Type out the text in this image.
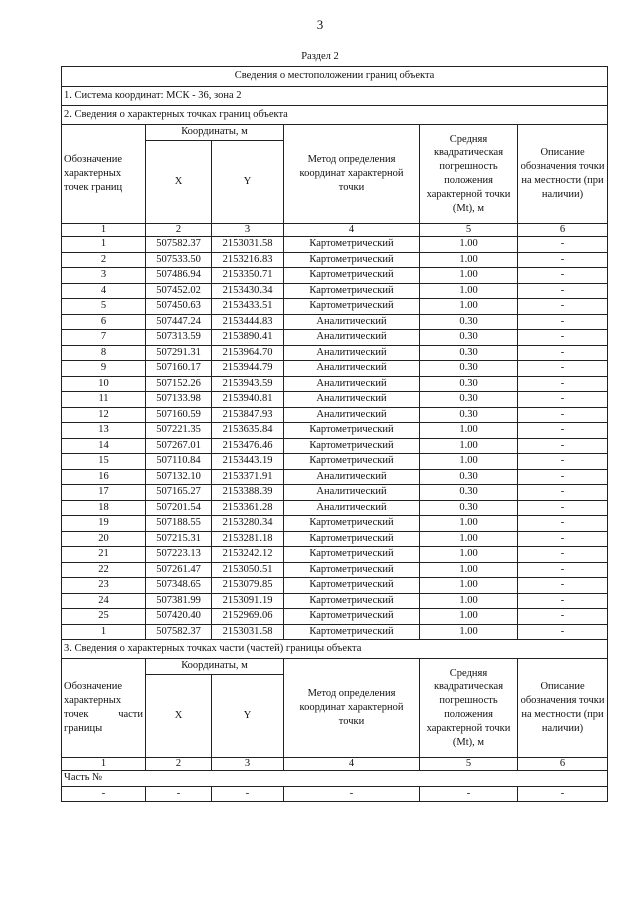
3
Раздел 2
Сведения о местоположении границ объекта					
1. Система координат: МСК - 36, зона 2					
2. Сведения о характерных точках границ объекта					
Обозначение характерных точек границ	Координаты, м		Метод определения координат характерной точки	Средняя квадратическая погрешность положения характерной точки (Mt), м	Описание обозначения точки на местности (при наличии)
	X	Y			
1	2	3	4	5	6
1	507582.37	2153031.58	Картометрический	1.00	-
2	507533.50	2153216.83	Картометрический	1.00	-
3	507486.94	2153350.71	Картометрический	1.00	-
4	507452.02	2153430.34	Картометрический	1.00	-
5	507450.63	2153433.51	Картометрический	1.00	-
6	507447.24	2153444.83	Аналитический	0.30	-
7	507313.59	2153890.41	Аналитический	0.30	-
8	507291.31	2153964.70	Аналитический	0.30	-
9	507160.17	2153944.79	Аналитический	0.30	-
10	507152.26	2153943.59	Аналитический	0.30	-
11	507133.98	2153940.81	Аналитический	0.30	-
12	507160.59	2153847.93	Аналитический	0.30	-
13	507221.35	2153635.84	Картометрический	1.00	-
14	507267.01	2153476.46	Картометрический	1.00	-
15	507110.84	2153443.19	Картометрический	1.00	-
16	507132.10	2153371.91	Аналитический	0.30	-
17	507165.27	2153388.39	Аналитический	0.30	-
18	507201.54	2153361.28	Аналитический	0.30	-
19	507188.55	2153280.34	Картометрический	1.00	-
20	507215.31	2153281.18	Картометрический	1.00	-
21	507223.13	2153242.12	Картометрический	1.00	-
22	507261.47	2153050.51	Картометрический	1.00	-
23	507348.65	2153079.85	Картометрический	1.00	-
24	507381.99	2153091.19	Картометрический	1.00	-
25	507420.40	2152969.06	Картометрический	1.00	-
1	507582.37	2153031.58	Картометрический	1.00	-
3. Сведения о характерных точках части (частей) границы объекта					
Обозначение характерных точек части границы	Координаты, м		Метод определения координат характерной точки	Средняя квадратическая погрешность положения характерной точки (Mt), м	Описание обозначения точки на местности (при наличии)
	X	Y			
1	2	3	4	5	6
Часть №					
-	-	-	-	-	-
